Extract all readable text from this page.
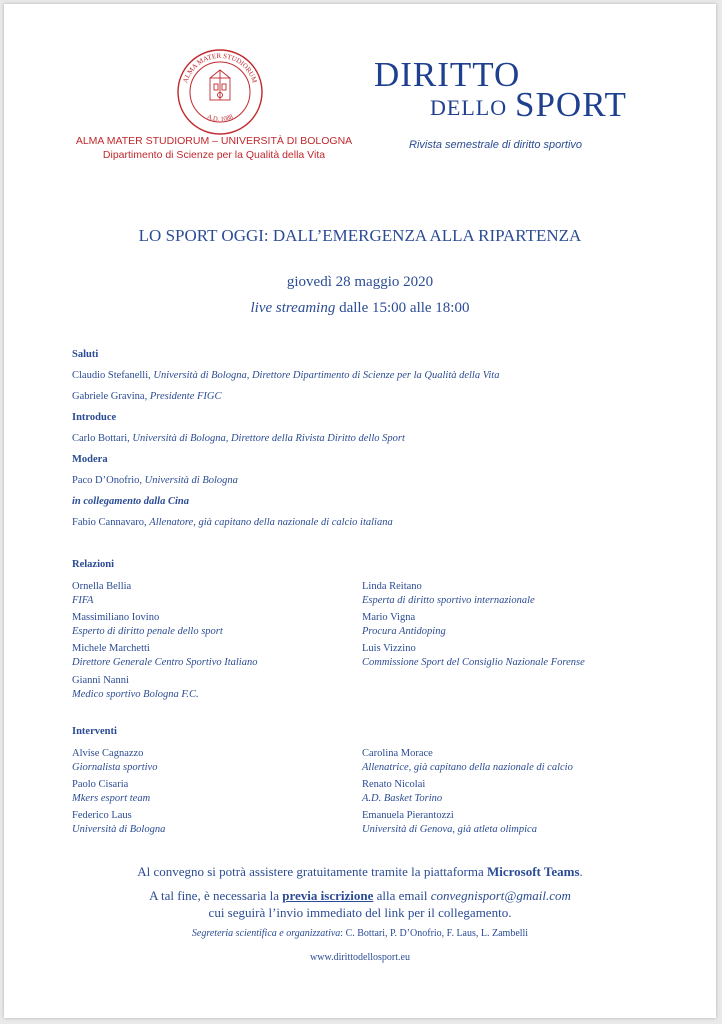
ALMA MATER STUDIORUM
A.D. 1088
ALMA MATER STUDIORUM – UNIVERSITÀ DI BOLOGNA
Dipartimento di Scienze per la Qualità della Vita
DIRITTO
DELLO SPORT
Rivista semestrale di diritto sportivo
LO SPORT OGGI: DALL’EMERGENZA ALLA RIPARTENZA
giovedì 28 maggio 2020
live streaming dalle 15:00 alle 18:00
Saluti
Claudio Stefanelli, Università di Bologna, Direttore Dipartimento di Scienze per la Qualità della Vita
Gabriele Gravina, Presidente FIGC
Introduce
Carlo Bottari, Università di Bologna, Direttore della Rivista Diritto dello Sport
Modera
Paco D’Onofrio, Università di Bologna
in collegamento dalla Cina
Fabio Cannavaro, Allenatore, già capitano della nazionale di calcio italiana
Relazioni
Ornella Bellia
FIFA
Massimiliano Iovino
Esperto di diritto penale dello sport
Michele Marchetti
Direttore Generale Centro Sportivo Italiano
Gianni Nanni
Medico sportivo Bologna F.C.
Linda Reitano
Esperta di diritto sportivo internazionale
Mario Vigna
Procura Antidoping
Luis Vizzino
Commissione Sport del Consiglio Nazionale Forense
Interventi
Alvise Cagnazzo
Giornalista sportivo
Paolo Cisaria
Mkers esport team
Federico Laus
Università di Bologna
Carolina Morace
Allenatrice, già capitano della nazionale di calcio
Renato Nicolai
A.D. Basket Torino
Emanuela Pierantozzi
Università di Genova, già atleta olimpica
Al convegno si potrà assistere gratuitamente tramite la piattaforma Microsoft Teams.
A tal fine, è necessaria la previa iscrizione alla email convegnisport@gmail.com
cui seguirà l’invio immediato del link per il collegamento.
Segreteria scientifica e organizzativa: C. Bottari, P. D’Onofrio, F. Laus, L. Zambelli
www.dirittodellosport.eu
